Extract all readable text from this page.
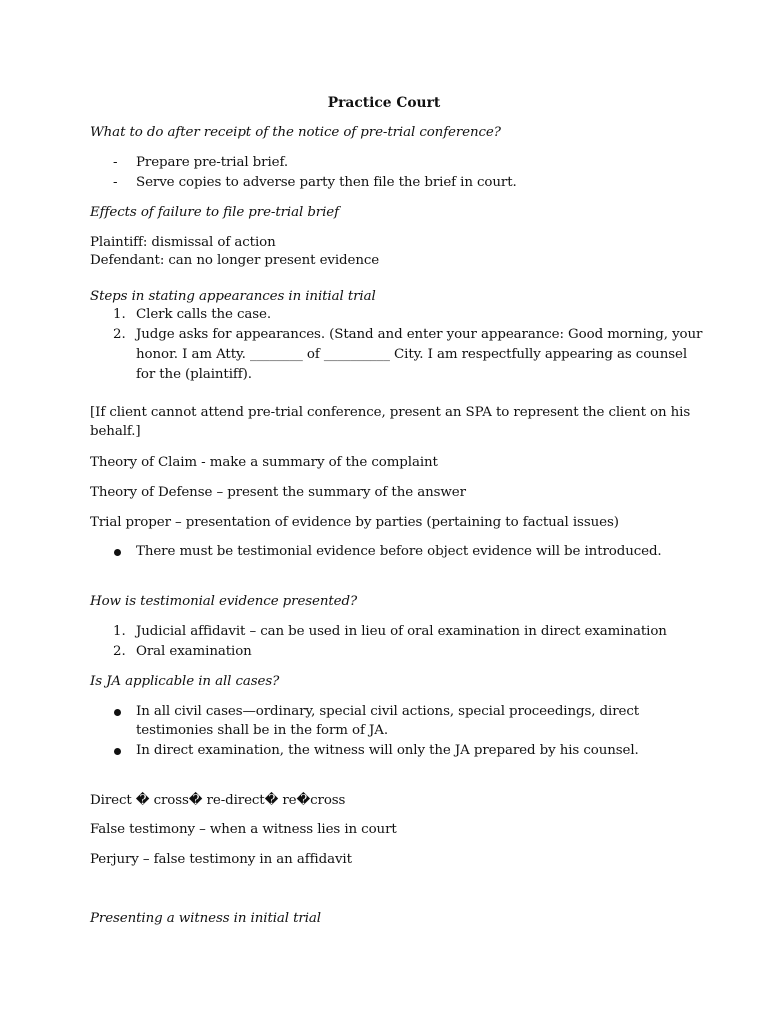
Practice Court
What to do after receipt of the notice of pre-trial conference?
- Prepare pre-trial brief.
- Serve copies to adverse party then file the brief in court.
Effects of failure to file pre-trial brief
Plaintiff: dismissal of action
Defendant: can no longer present evidence
Steps in stating appearances in initial trial
1. Clerk calls the case.
2. Judge asks for appearances. (Stand and enter your appearance: Good morning, your
honor. I am Atty. ________ of __________ City. I am respectfully appearing as counsel
for the (plaintiff).
[If client cannot attend pre-trial conference, present an SPA to represent the client on his
behalf.]
Theory of Claim - make a summary of the complaint
Theory of Defense – present the summary of the answer
Trial proper – presentation of evidence by parties (pertaining to factual issues)
There must be testimonial evidence before object evidence will be introduced.
How is testimonial evidence presented?
1. Judicial affidavit – can be used in lieu of oral examination in direct examination
2. Oral examination
Is JA applicable in all cases?
In all civil cases—ordinary, special civil actions, special proceedings, direct
testimonies shall be in the form of JA.
In direct examination, the witness will only the JA prepared by his counsel.
Direct � cross� re-direct� re�cross
False testimony – when a witness lies in court
Perjury – false testimony in an affidavit
Presenting a witness in initial trial
